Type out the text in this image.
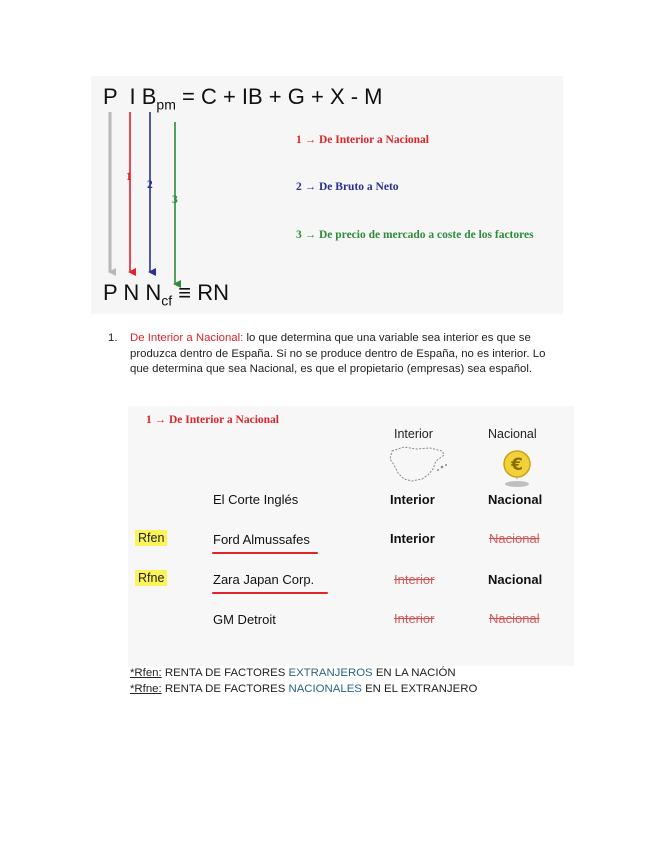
P  I $B_{pm} = C$ + IB + G + X - M
1
2
3
1 → De Interior a Nacional
2 → De Bruto a Neto
3 → De precio de mercado a coste de los factores
P N $N_{cf}$ ≡ RN
1. De Interior a Nacional: lo que determina que una variable sea interior es que se produzca dentro de España. Si no se produce dentro de España, no es interior. Lo que determina que sea Nacional, es que el propietario (empresas) sea español.
1 → De Interior a Nacional
Interior	Nacional
€
El Corte Inglés	Interior	Nacional
Rfen	Ford Almussafes	Interior	Nacional
Rfne	Zara Japan Corp.	Interior	Nacional
GM Detroit	Interior	Nacional
*Rfen: RENTA DE FACTORES EXTRANJEROS EN LA NACIÓN
*Rfne: RENTA DE FACTORES NACIONALES EN EL EXTRANJERO
